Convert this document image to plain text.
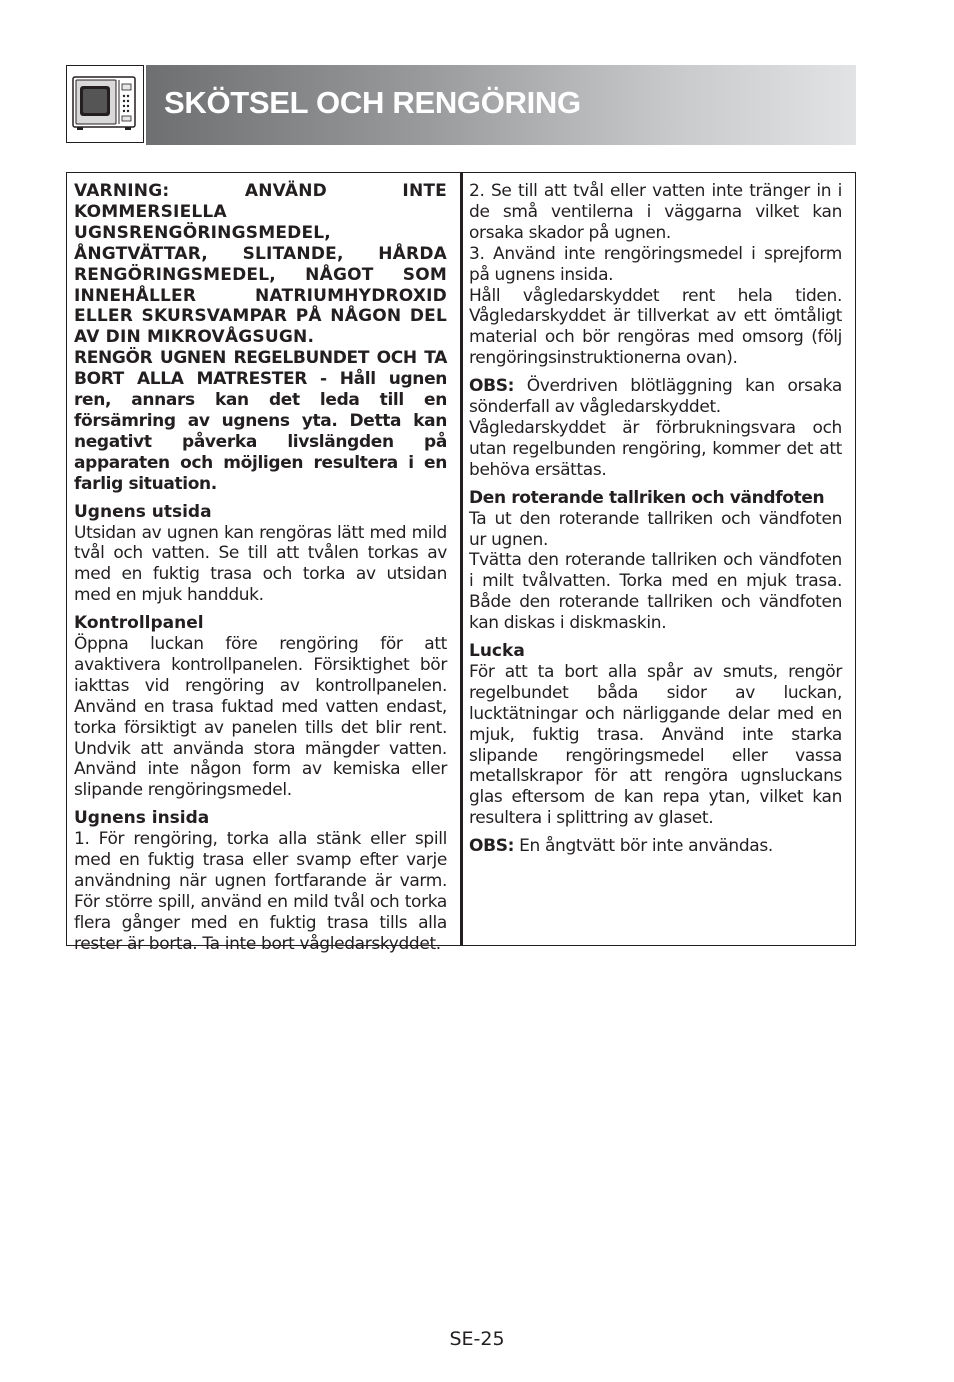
SKÖTSEL OCH RENGÖRING

VARNING: ANVÄND INTE KOMMERSIELLA UGNSRENGÖRINGSMEDEL, ÅNGTVÄTTAR, SLITANDE, HÅRDA RENGÖRINGSMEDEL, NÅGOT SOM INNEHÅLLER NATRIUMHYDROXID ELLER SKURSVAMPAR PÅ NÅGON DEL AV DIN MIKROVÅGSUGN.

RENGÖR UGNEN REGELBUNDET OCH TA BORT ALLA MATRESTER - Håll ugnen ren, annars kan det leda till en försämring av ugnens yta. Detta kan negativt påverka livslängden på apparaten och möjligen resultera i en farlig situation.

Ugnens utsida

Utsidan av ugnen kan rengöras lätt med mild tvål och vatten. Se till att tvålen torkas av med en fuktig trasa och torka av utsidan med en mjuk handduk.

Kontrollpanel

Öppna luckan före rengöring för att avaktivera kontrollpanelen. Försiktighet bör iakttas vid rengöring av kontrollpanelen. Använd en trasa fuktad med vatten endast, torka försiktigt av panelen tills det blir rent. Undvik att använda stora mängder vatten. Använd inte någon form av kemiska eller slipande rengöringsmedel.

Ugnens insida

1. För rengöring, torka alla stänk eller spill med en fuktig trasa eller svamp efter varje användning när ugnen fortfarande är varm. För större spill, använd en mild tvål och torka flera gånger med en fuktig trasa tills alla rester är borta. Ta inte bort vågledarskyddet.

2. Se till att tvål eller vatten inte tränger in i de små ventilerna i väggarna vilket kan orsaka skador på ugnen.

3. Använd inte rengöringsmedel i sprejform på ugnens insida.

Håll vågledarskyddet rent hela tiden. Vågledarskyddet är tillverkat av ett ömtåligt material och bör rengöras med omsorg (följ rengöringsinstruktionerna ovan).

OBS: Överdriven blötläggning kan orsaka sönderfall av vågledarskyddet.

Vågledarskyddet är förbrukningsvara och utan regelbunden rengöring, kommer det att behöva ersättas.

Den roterande tallriken och vändfoten

Ta ut den roterande tallriken och vändfoten ur ugnen.

Tvätta den roterande tallriken och vändfoten i milt tvålvatten. Torka med en mjuk trasa. Både den roterande tallriken och vändfoten kan diskas i diskmaskin.

Lucka

För att ta bort alla spår av smuts, rengör regelbundet båda sidor av luckan, lucktätningar och närliggande delar med en mjuk, fuktig trasa. Använd inte starka slipande rengöringsmedel eller vassa metallskrapor för att rengöra ugnsluckans glas eftersom de kan repa ytan, vilket kan resultera i splittring av glaset.

OBS: En ångtvätt bör inte användas.

SE-25
